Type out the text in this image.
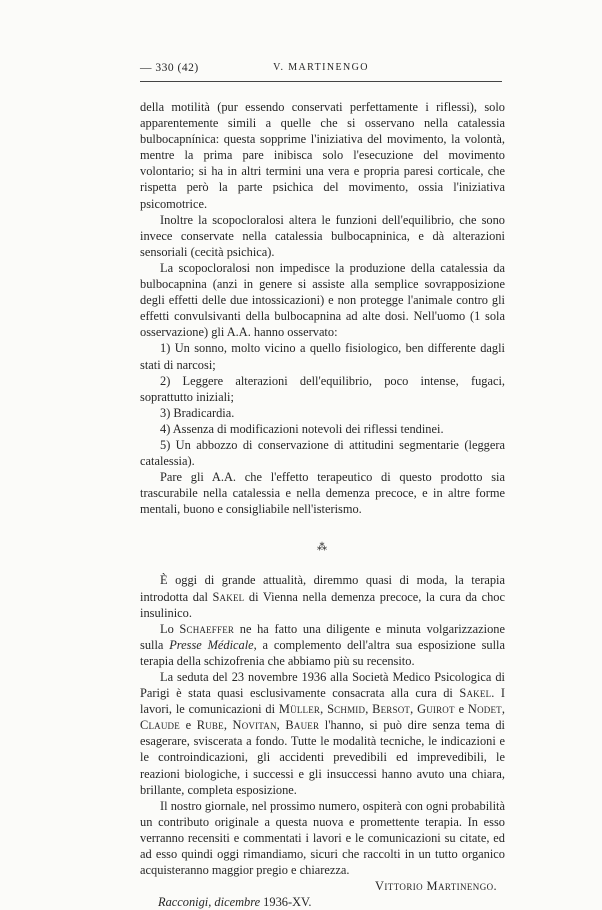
— 330 (42)	V. MARTINENGO

della motilità (pur essendo conservati perfettamente i riflessi), solo apparentemente simili a quelle che si osservano nella catalessia bulbocapnínica: questa sopprime l'iniziativa del movimento, la volontà, mentre la prima pare inibisca solo l'esecuzione del movimento volontario; si ha in altri termini una vera e propria paresi corticale, che rispetta però la parte psichica del movimento, ossia l'iniziativa psicomotrice.

Inoltre la scopocloralosi altera le funzioni dell'equilibrio, che sono invece conservate nella catalessia bulbocapninica, e dà alterazioni sensoriali (cecità psichica).

La scopocloralosi non impedisce la produzione della catalessia da bulbocapnina (anzi in genere si assiste alla semplice sovrapposizione degli effetti delle due intossicazioni) e non protegge l'animale contro gli effetti convulsivanti della bulbocapnina ad alte dosi. Nell'uomo (1 sola osservazione) gli A.A. hanno osservato:

1) Un sonno, molto vicino a quello fisiologico, ben differente dagli stati di narcosi;

2) Leggere alterazioni dell'equilibrio, poco intense, fugaci, soprattutto iniziali;

3) Bradicardia.

4) Assenza di modificazioni notevoli dei riflessi tendinei.

5) Un abbozzo di conservazione di attitudini segmentarie (leggera catalessia).

Pare gli A.A. che l'effetto terapeutico di questo prodotto sia trascurabile nella catalessia e nella demenza precoce, e in altre forme mentali, buono e consigliabile nell'isterismo.

⁂

È oggi di grande attualità, diremmo quasi di moda, la terapia introdotta dal Sakel di Vienna nella demenza precoce, la cura da choc insulinico.

Lo Schaeffer ne ha fatto una diligente e minuta volgarizzazione sulla Presse Médicale, a complemento dell'altra sua esposizione sulla terapia della schizofrenia che abbiamo più su recensito.

La seduta del 23 novembre 1936 alla Società Medico Psicologica di Parigi è stata quasi esclusivamente consacrata alla cura di Sakel. I lavori, le comunicazioni di Müller, Schmid, Bersot, Guirot e Nodet, Claude e Rube, Novitan, Bauer l'hanno, si può dire senza tema di esagerare, sviscerata a fondo. Tutte le modalità tecniche, le indicazioni e le controindicazioni, gli accidenti prevedibili ed imprevedibili, le reazioni biologiche, i successi e gli insuccessi hanno avuto una chiara, brillante, completa esposizione.

Il nostro giornale, nel prossimo numero, ospiterà con ogni probabilità un contributo originale a questa nuova e promettente terapia. In esso verranno recensiti e commentati i lavori e le comunicazioni su citate, ed ad esso quindi oggi rimandiamo, sicuri che raccolti in un tutto organico acquisteranno maggior pregio e chiarezza.

Vittorio Martinengo.

Racconigi, dicembre 1936-XV.
